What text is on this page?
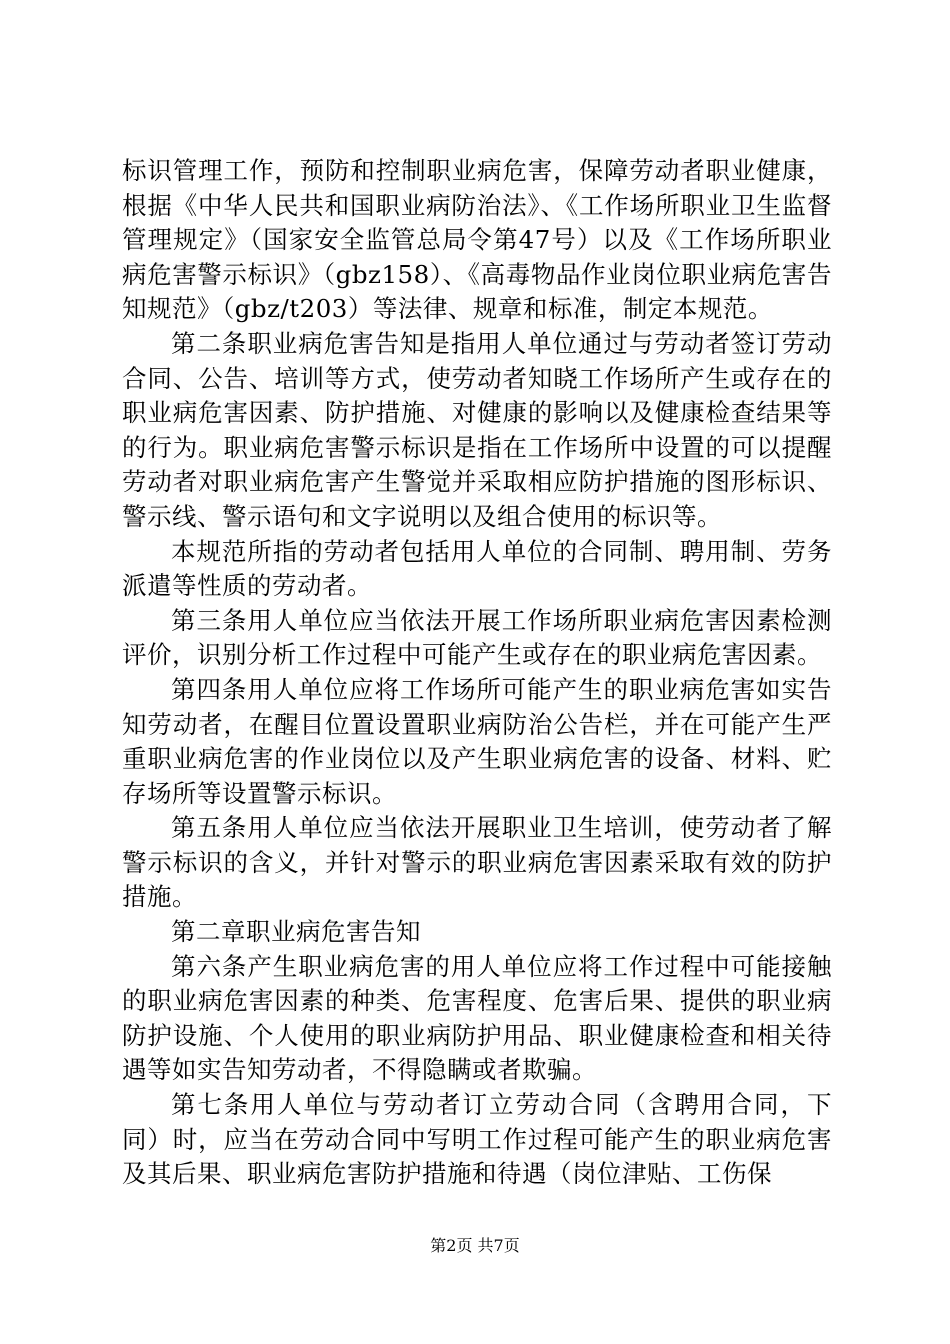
标识管理工作，预防和控制职业病危害，保障劳动者职业健康，根据《中华人民共和国职业病防治法》、《工作场所职业卫生监督管理规定》（国家安全监管总局令第47号）以及《工作场所职业病危害警示标识》（gbz158）、《高毒物品作业岗位职业病危害告知规范》（gbz/t203）等法律、规章和标准，制定本规范。

第二条职业病危害告知是指用人单位通过与劳动者签订劳动合同、公告、培训等方式，使劳动者知晓工作场所产生或存在的职业病危害因素、防护措施、对健康的影响以及健康检查结果等的行为。职业病危害警示标识是指在工作场所中设置的可以提醒劳动者对职业病危害产生警觉并采取相应防护措施的图形标识、警示线、警示语句和文字说明以及组合使用的标识等。

本规范所指的劳动者包括用人单位的合同制、聘用制、劳务派遣等性质的劳动者。

第三条用人单位应当依法开展工作场所职业病危害因素检测评价，识别分析工作过程中可能产生或存在的职业病危害因素。

第四条用人单位应将工作场所可能产生的职业病危害如实告知劳动者，在醒目位置设置职业病防治公告栏，并在可能产生严重职业病危害的作业岗位以及产生职业病危害的设备、材料、贮存场所等设置警示标识。

第五条用人单位应当依法开展职业卫生培训，使劳动者了解警示标识的含义，并针对警示的职业病危害因素采取有效的防护措施。

第二章职业病危害告知

第六条产生职业病危害的用人单位应将工作过程中可能接触的职业病危害因素的种类、危害程度、危害后果、提供的职业病防护设施、个人使用的职业病防护用品、职业健康检查和相关待遇等如实告知劳动者，不得隐瞒或者欺骗。

第七条用人单位与劳动者订立劳动合同（含聘用合同，下同）时，应当在劳动合同中写明工作过程可能产生的职业病危害及其后果、职业病危害防护措施和待遇（岗位津贴、工伤保

第2页 共7页
